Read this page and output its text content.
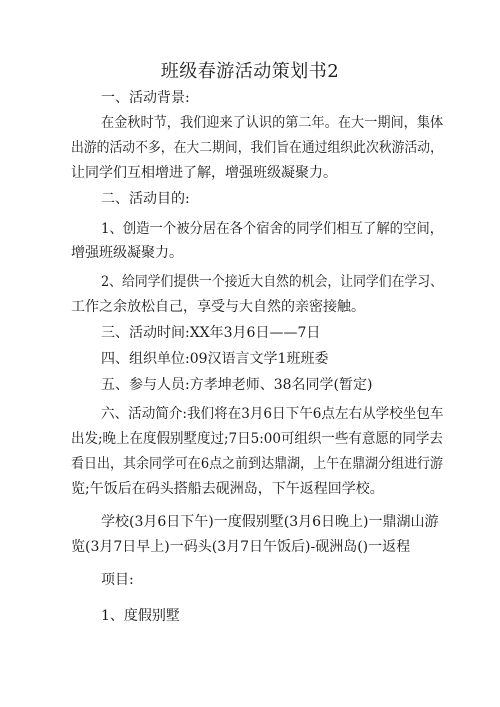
班级春游活动策划书2
一、活动背景:
在金秋时节，我们迎来了认识的第二年。在大一期间，集体
出游的活动不多，在大二期间，我们旨在通过组织此次秋游活动，
让同学们互相增进了解，增强班级凝聚力。
二、活动目的:
1、创造一个被分居在各个宿舍的同学们相互了解的空间，
增强班级凝聚力。
2、给同学们提供一个接近大自然的机会，让同学们在学习、
工作之余放松自己，享受与大自然的亲密接触。
三、活动时间:XX年3月6日——7日
四、组织单位:09汉语言文学1班班委
五、参与人员:方孝坤老师、38名同学(暂定)
六、活动简介:我们将在3月6日下午6点左右从学校坐包车
出发;晚上在度假别墅度过;7日5:00可组织一些有意愿的同学去
看日出，其余同学可在6点之前到达鼎湖，上午在鼎湖分组进行游
览;午饭后在码头搭船去砚洲岛，下午返程回学校。
学校(3月6日下午)一度假别墅(3月6日晚上)一鼎湖山游
览(3月7日早上)一码头(3月7日午饭后)-砚洲岛()一返程
项目:
1、度假别墅
